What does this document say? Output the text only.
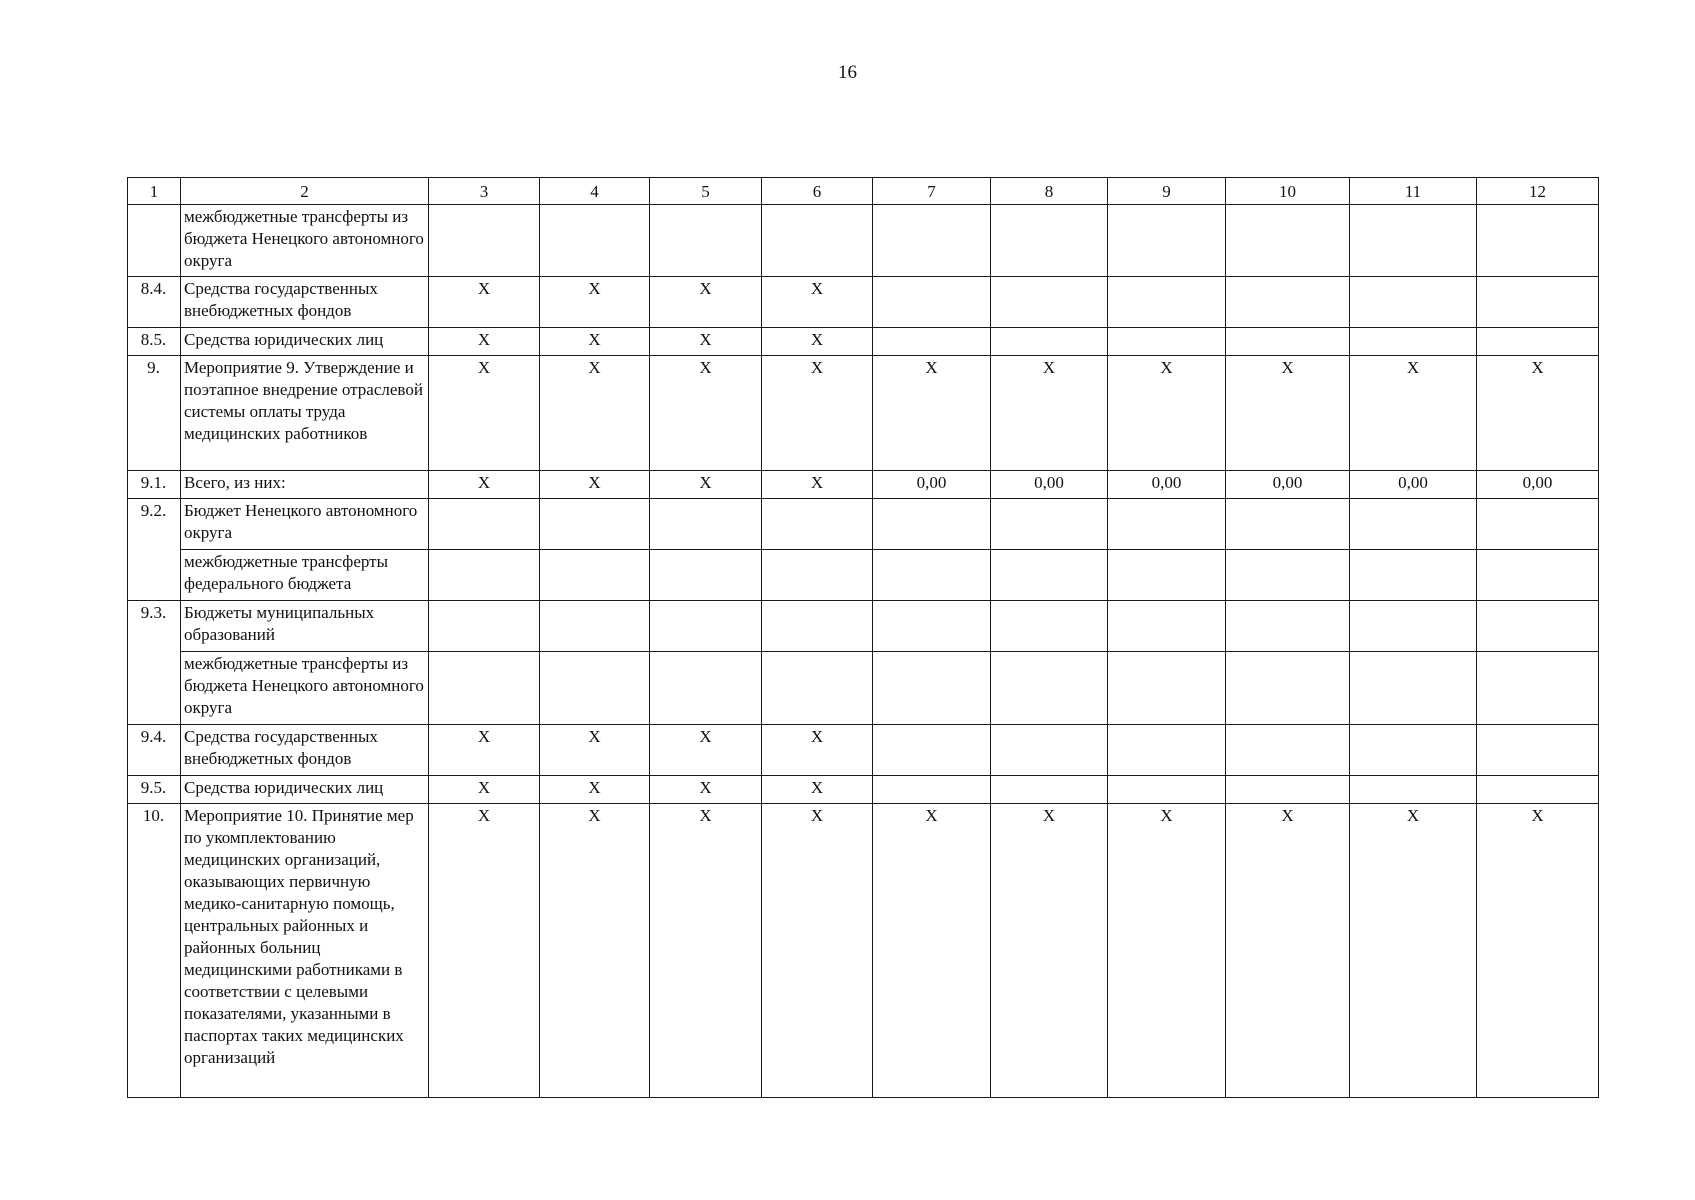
16
1	2	3	4	5	6	7	8	9	10	11	12
	межбюджетные трансферты из бюджета Ненецкого автономного округа										
8.4.	Средства государственных внебюджетных фондов	Х	Х	Х	Х						
8.5.	Средства юридических лиц	Х	Х	Х	Х						
9.	Мероприятие 9. Утверждение и поэтапное внедрение отраслевой системы оплаты труда медицинских работников	Х	Х	Х	Х	Х	Х	Х	Х	Х	Х
9.1.	Всего, из них:	Х	Х	Х	Х	0,00	0,00	0,00	0,00	0,00	0,00
9.2.	Бюджет Ненецкого автономного округа										
	межбюджетные трансферты федерального бюджета										
9.3.	Бюджеты муниципальных образований										
	межбюджетные трансферты из бюджета Ненецкого автономного округа										
9.4.	Средства государственных внебюджетных фондов	Х	Х	Х	Х						
9.5.	Средства юридических лиц	Х	Х	Х	Х						
10.	Мероприятие 10. Принятие мер по укомплектованию медицинских организаций, оказывающих первичную медико-санитарную помощь, центральных районных и районных больниц медицинскими работниками в соответствии с целевыми показателями, указанными в паспортах таких медицинских организаций	Х	Х	Х	Х	Х	Х	Х	Х	Х	Х
